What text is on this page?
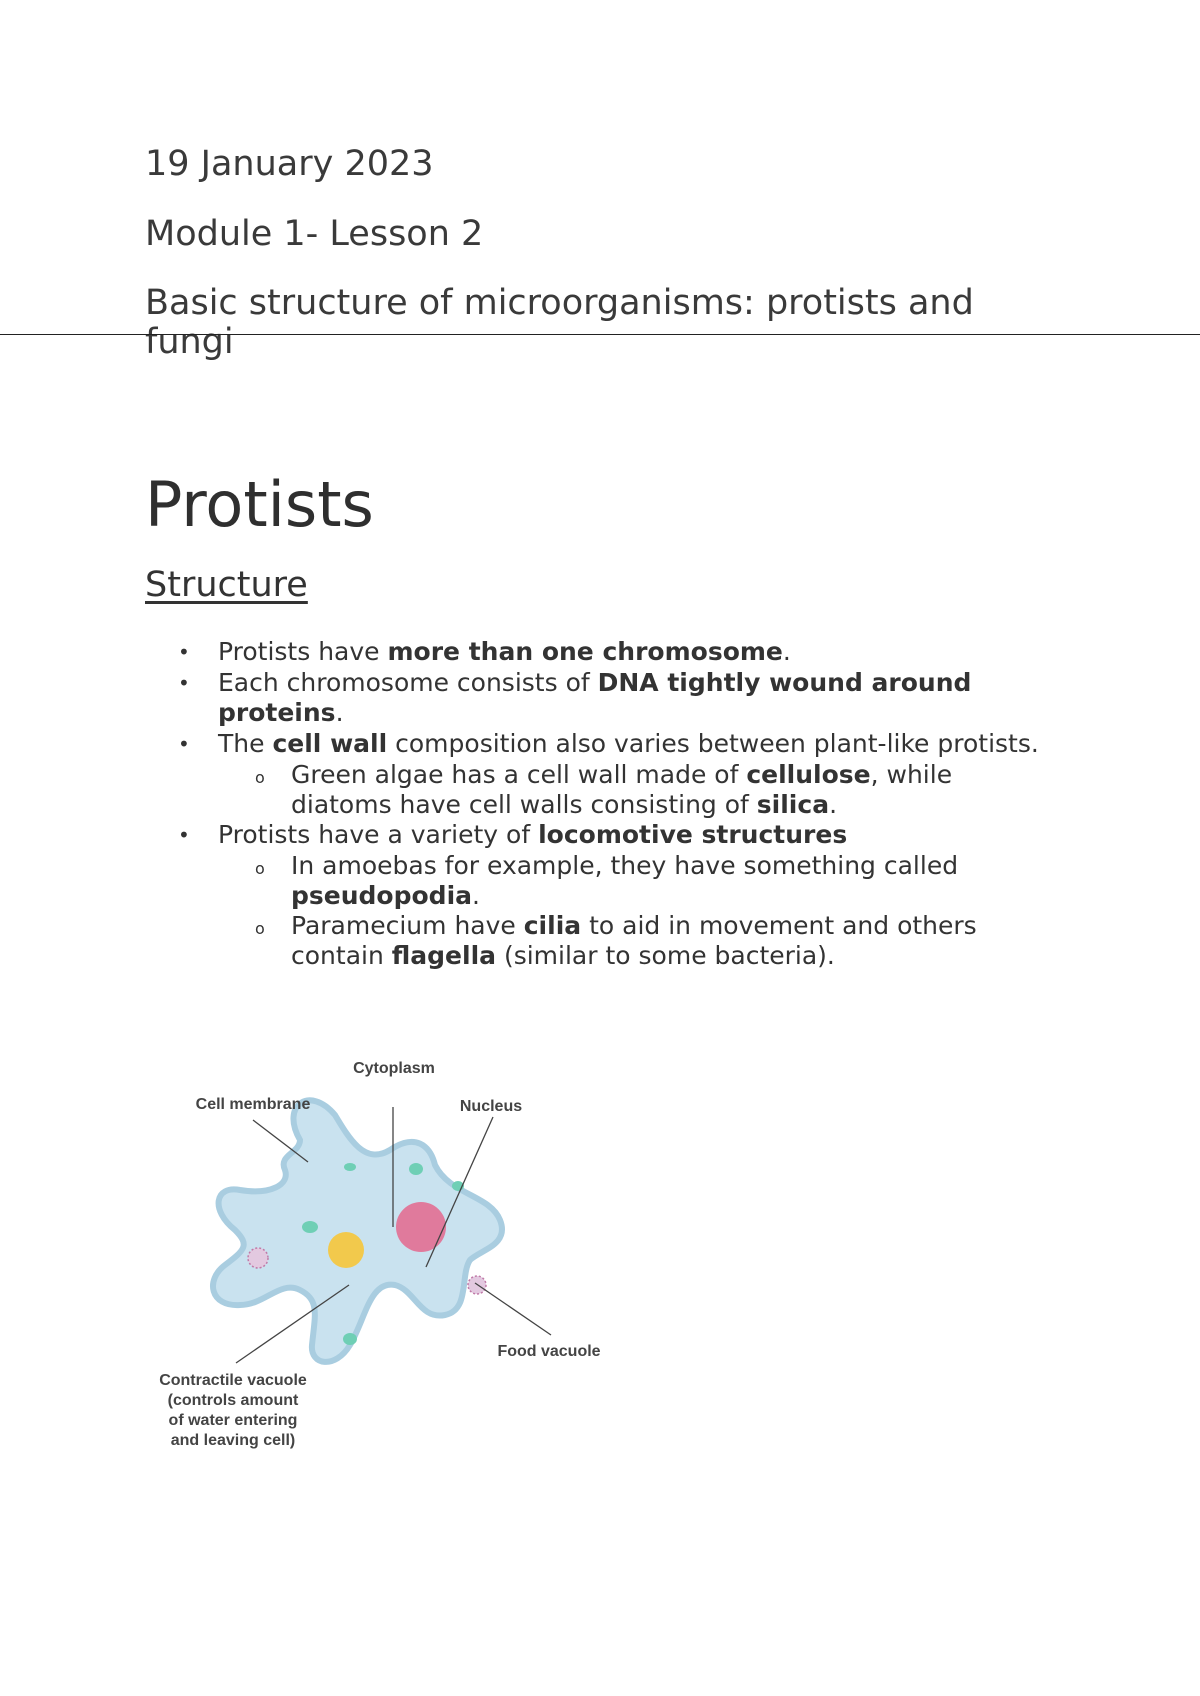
19 January 2023
Module 1- Lesson 2
Basic structure of microorganisms: protists and fungi
Protists
Structure
• Protists have more than one chromosome.
• Each chromosome consists of DNA tightly wound around proteins.
• The cell wall composition also varies between plant-like protists.
o Green algae has a cell wall made of cellulose, while diatoms have cell walls consisting of silica.
• Protists have a variety of locomotive structures
o In amoebas for example, they have something called pseudopodia.
o Paramecium have cilia to aid in movement and others contain flagella (similar to some bacteria).
Cytoplasm
Cell membrane	Nucleus
Food vacuole
Contractile vacuole
(controls amount
of water entering
and leaving cell)
